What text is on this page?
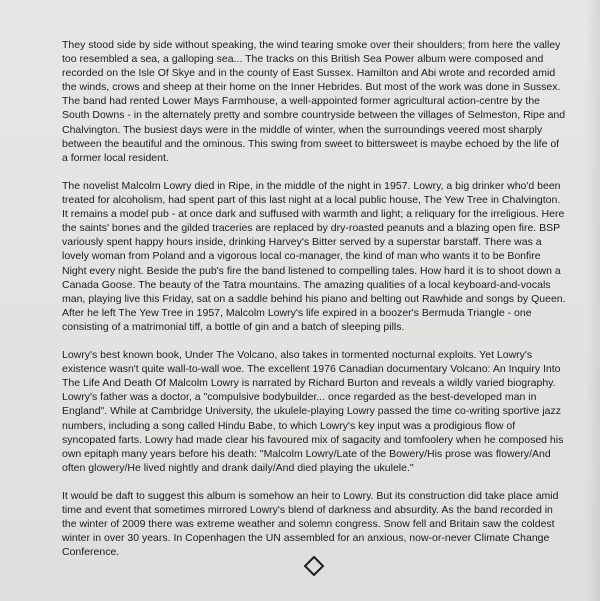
They stood side by side without speaking, the wind tearing smoke over their shoulders; from here the valley too resembled a sea, a galloping sea... The tracks on this British Sea Power album were composed and recorded on the Isle Of Skye and in the county of East Sussex. Hamilton and Abi wrote and recorded amid the winds, crows and sheep at their home on the Inner Hebrides. But most of the work was done in Sussex. The band had rented Lower Mays Farmhouse, a well-appointed former agricultural action-centre by the South Downs - in the alternately pretty and sombre countryside between the villages of Selmeston, Ripe and Chalvington. The busiest days were in the middle of winter, when the surroundings veered most sharply between the beautiful and the ominous. This swing from sweet to bittersweet is maybe echoed by the life of a former local resident.

The novelist Malcolm Lowry died in Ripe, in the middle of the night in 1957. Lowry, a big drinker who'd been treated for alcoholism, had spent part of this last night at a local public house, The Yew Tree in Chalvington. It remains a model pub - at once dark and suffused with warmth and light; a reliquary for the irreligious. Here the saints' bones and the gilded traceries are replaced by dry-roasted peanuts and a blazing open fire. BSP variously spent happy hours inside, drinking Harvey's Bitter served by a superstar barstaff. There was a lovely woman from Poland and a vigorous local co-manager, the kind of man who wants it to be Bonfire Night every night. Beside the pub's fire the band listened to compelling tales. How hard it is to shoot down a Canada Goose. The beauty of the Tatra mountains. The amazing qualities of a local keyboard-and-vocals man, playing live this Friday, sat on a saddle behind his piano and belting out Rawhide and songs by Queen. After he left The Yew Tree in 1957, Malcolm Lowry's life expired in a boozer's Bermuda Triangle - one consisting of a matrimonial tiff, a bottle of gin and a batch of sleeping pills.

Lowry's best known book, Under The Volcano, also takes in tormented nocturnal exploits. Yet Lowry's existence wasn't quite wall-to-wall woe. The excellent 1976 Canadian documentary Volcano: An Inquiry Into The Life And Death Of Malcolm Lowry is narrated by Richard Burton and reveals a wildly varied biography. Lowry's father was a doctor, a "compulsive bodybuilder... once regarded as the best-developed man in England". While at Cambridge University, the ukulele-playing Lowry passed the time co-writing sportive jazz numbers, including a song called Hindu Babe, to which Lowry's key input was a prodigious flow of syncopated farts. Lowry had made clear his favoured mix of sagacity and tomfoolery when he composed his own epitaph many years before his death: "Malcolm Lowry/Late of the Bowery/His prose was flowery/And often glowery/He lived nightly and drank daily/And died playing the ukulele."

It would be daft to suggest this album is somehow an heir to Lowry. But its construction did take place amid time and event that sometimes mirrored Lowry's blend of darkness and absurdity. As the band recorded in the winter of 2009 there was extreme weather and solemn congress. Snow fell and Britain saw the coldest winter in over 30 years. In Copenhagen the UN assembled for an anxious, now-or-never Climate Change Conference.
